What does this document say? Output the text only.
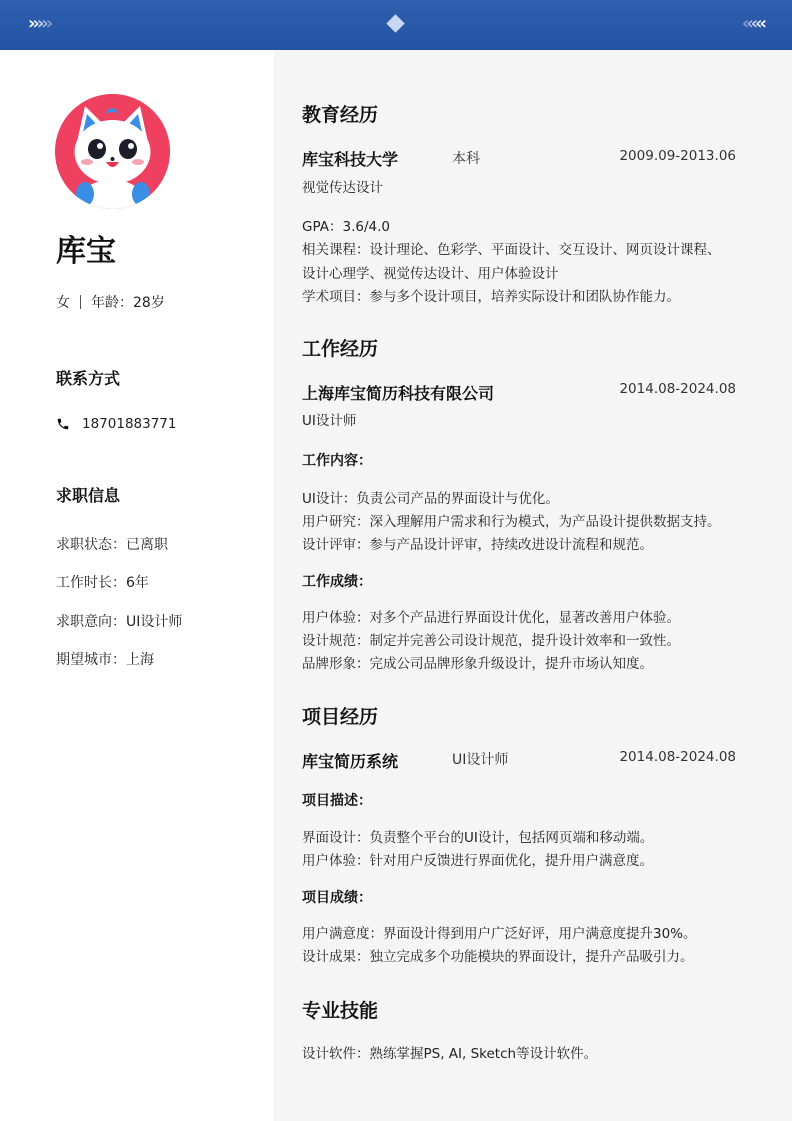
›››››	‹‹‹‹‹
库宝
女 年龄：28岁
联系方式
18701883771
求职信息
求职状态：已离职
工作时长：6年
求职意向：UI设计师
期望城市：上海
教育经历
库宝科技大学	本科	2009.09-2013.06
视觉传达设计
GPA：3.6/4.0
相关课程：设计理论、色彩学、平面设计、交互设计、网页设计课程、
设计心理学、视觉传达设计、用户体验设计
学术项目：参与多个设计项目，培养实际设计和团队协作能力。
工作经历
上海库宝简历科技有限公司	2014.08-2024.08
UI设计师
工作内容：
UI设计：负责公司产品的界面设计与优化。
用户研究：深入理解用户需求和行为模式，为产品设计提供数据支持。
设计评审：参与产品设计评审，持续改进设计流程和规范。
工作成绩：
用户体验：对多个产品进行界面设计优化，显著改善用户体验。
设计规范：制定并完善公司设计规范，提升设计效率和一致性。
品牌形象：完成公司品牌形象升级设计，提升市场认知度。
项目经历
库宝简历系统	UI设计师	2014.08-2024.08
项目描述：
界面设计：负责整个平台的UI设计，包括网页端和移动端。
用户体验：针对用户反馈进行界面优化，提升用户满意度。
项目成绩：
用户满意度：界面设计得到用户广泛好评，用户满意度提升30%。
设计成果：独立完成多个功能模块的界面设计，提升产品吸引力。
专业技能
设计软件：熟练掌握PS, AI, Sketch等设计软件。
